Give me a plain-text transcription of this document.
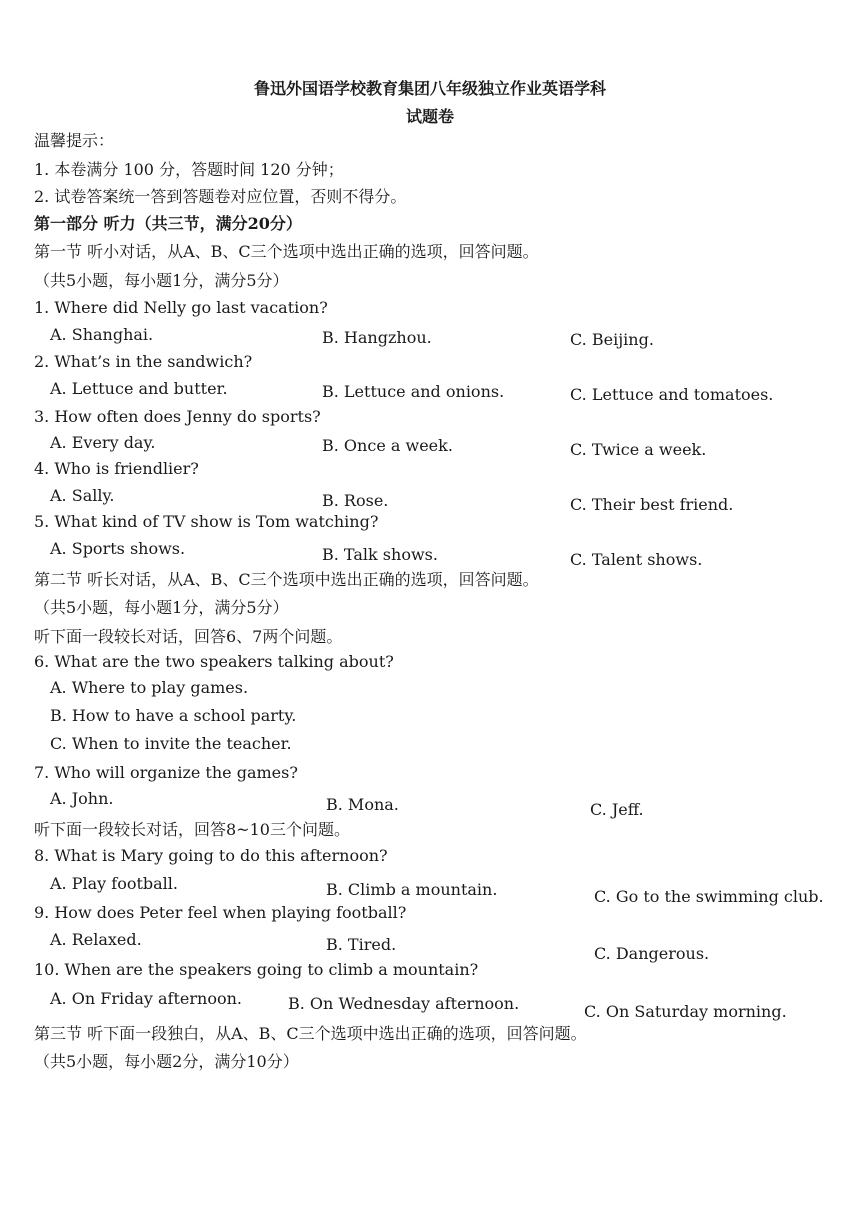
鲁迅外国语学校教育集团八年级独立作业英语学科
试题卷
温馨提示：
1. 本卷满分 100 分，答题时间 120 分钟；
2. 试卷答案统一答到答题卷对应位置，否则不得分。
第一部分 听力（共三节，满分20分）
第一节 听小对话，从A、B、C三个选项中选出正确的选项，回答问题。
（共5小题，每小题1分，满分5分）
1. Where did Nelly go last vacation?
A. Shanghai.	B. Hangzhou.	C. Beijing.
2. What’s in the sandwich?
A. Lettuce and butter.	B. Lettuce and onions.	C. Lettuce and tomatoes.
3. How often does Jenny do sports?
A. Every day.	B. Once a week.	C. Twice a week.
4. Who is friendlier?
A. Sally.	B. Rose.	C. Their best friend.
5. What kind of TV show is Tom watching?
A. Sports shows.	B. Talk shows.	C. Talent shows.
第二节 听长对话，从A、B、C三个选项中选出正确的选项，回答问题。
（共5小题，每小题1分，满分5分）
听下面一段较长对话，回答6、7两个问题。
6. What are the two speakers talking about?
A. Where to play games.
B. How to have a school party.
C. When to invite the teacher.
7. Who will organize the games?
A. John.	B. Mona.	C. Jeff.
听下面一段较长对话，回答8~10三个问题。
8. What is Mary going to do this afternoon?
A. Play football.	B. Climb a mountain.	C. Go to the swimming club.
9. How does Peter feel when playing football?
A. Relaxed.	B. Tired.	C. Dangerous.
10. When are the speakers going to climb a mountain?
A. On Friday afternoon.	B. On Wednesday afternoon.	C. On Saturday morning.
第三节 听下面一段独白，从A、B、C三个选项中选出正确的选项，回答问题。
（共5小题，每小题2分，满分10分）
